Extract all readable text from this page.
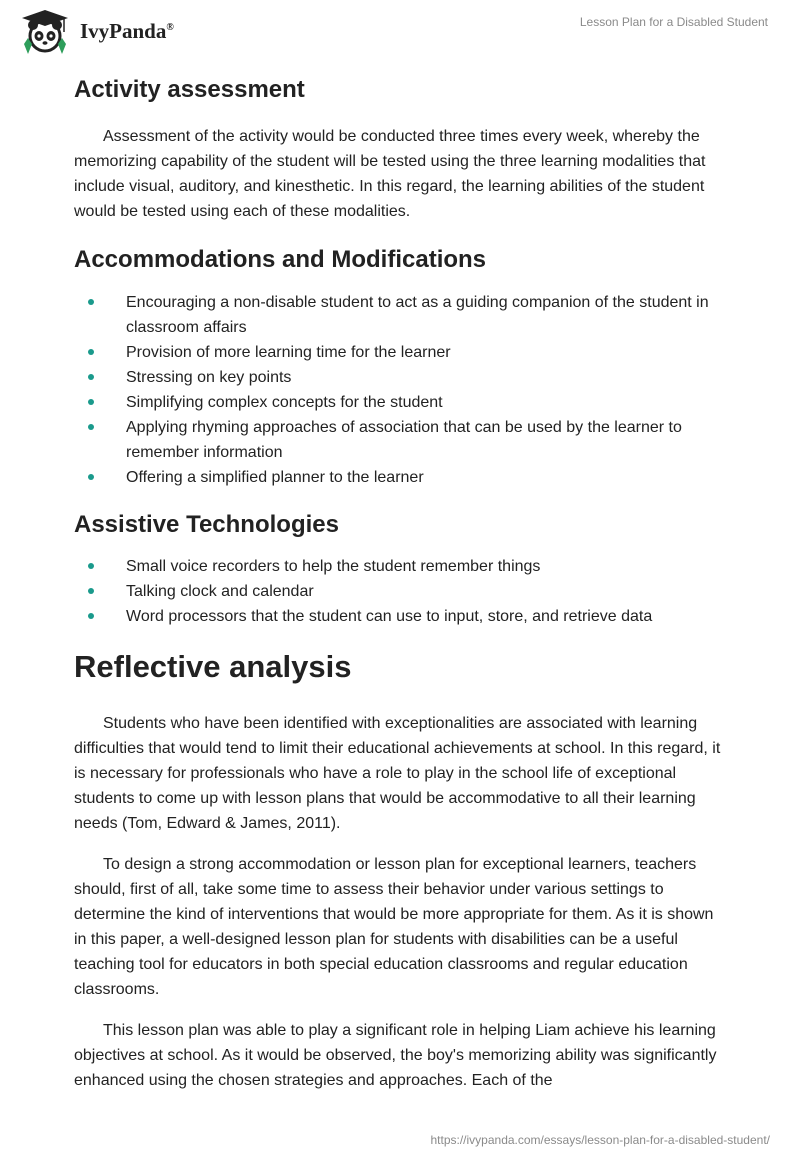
IvyPanda®	Lesson Plan for a Disabled Student
Activity assessment

Assessment of the activity would be conducted three times every week, whereby the memorizing capability of the student will be tested using the three learning modalities that include visual, auditory, and kinesthetic. In this regard, the learning abilities of the student would be tested using each of these modalities.

Accommodations and Modifications
Encouraging a non-disable student to act as a guiding companion of the student in classroom affairs
Provision of more learning time for the learner
Stressing on key points
Simplifying complex concepts for the student
Applying rhyming approaches of association that can be used by the learner to remember information
Offering a simplified planner to the learner
Assistive Technologies
Small voice recorders to help the student remember things
Talking clock and calendar
Word processors that the student can use to input, store, and retrieve data
Reflective analysis

Students who have been identified with exceptionalities are associated with learning difficulties that would tend to limit their educational achievements at school. In this regard, it is necessary for professionals who have a role to play in the school life of exceptional students to come up with lesson plans that would be accommodative to all their learning needs (Tom, Edward & James, 2011).

To design a strong accommodation or lesson plan for exceptional learners, teachers should, first of all, take some time to assess their behavior under various settings to determine the kind of interventions that would be more appropriate for them. As it is shown in this paper, a well-designed lesson plan for students with disabilities can be a useful teaching tool for educators in both special education classrooms and regular education classrooms.

This lesson plan was able to play a significant role in helping Liam achieve his learning objectives at school. As it would be observed, the boy's memorizing ability was significantly enhanced using the chosen strategies and approaches. Each of the

https://ivypanda.com/essays/lesson-plan-for-a-disabled-student/
